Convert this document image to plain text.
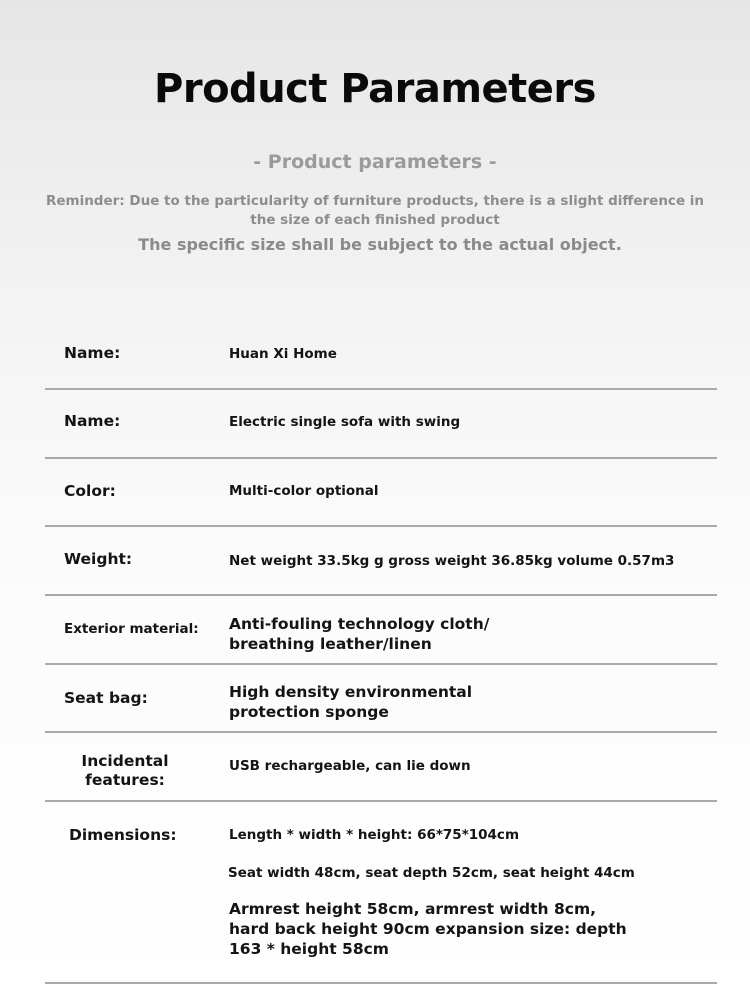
Product Parameters
- Product parameters -
Reminder: Due to the particularity of furniture products, there is a slight difference in the size of each finished product
The specific size shall be subject to the actual object.
Name:	Huan Xi Home
Name:	Electric single sofa with swing
Color:	Multi-color optional
Weight:	Net weight 33.5kg g gross weight 36.85kg volume 0.57m3
Exterior material: Anti-fouling technology cloth/
breathing leather/linen
Seat bag:	High density environmental
protection sponge
Incidental
features:
USB rechargeable, can lie down
Dimensions:	Length * width * height: 66*75*104cm
Seat width 48cm, seat depth 52cm, seat height 44cm
Armrest height 58cm, armrest width 8cm, hard back height 90cm expansion size: depth 163 * height 58cm
